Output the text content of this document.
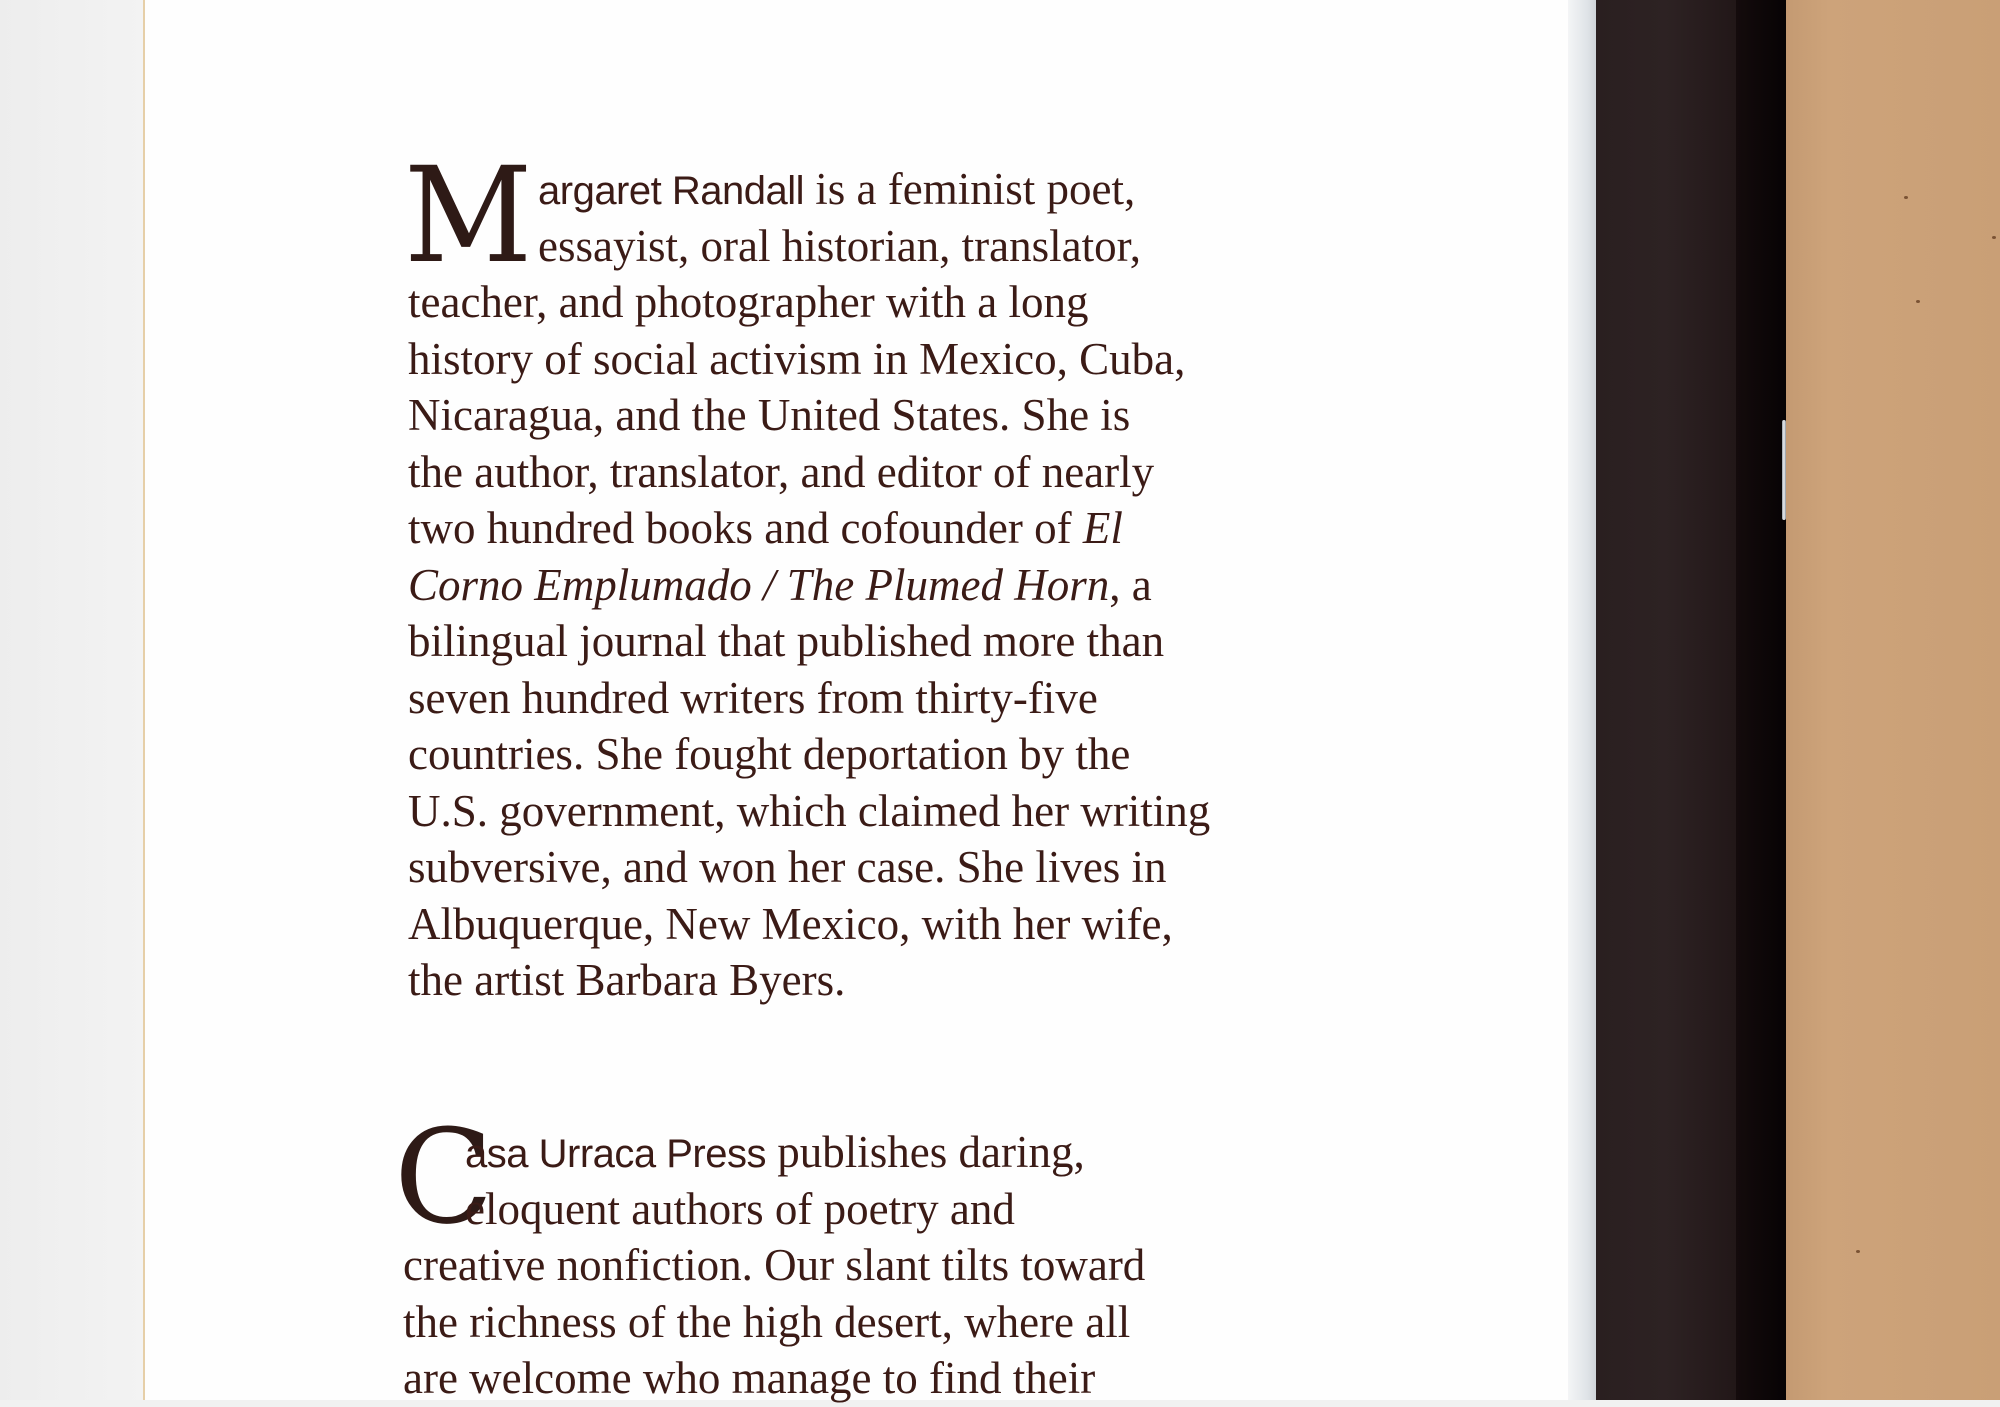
M argaret Randall is a feminist poet,
essayist, oral historian, translator,
teacher, and photographer with a long
history of social activism in Mexico, Cuba,
Nicaragua, and the United States. She is
the author, translator, and editor of nearly
two hundred books and cofounder of El
Corno Emplumado / The Plumed Horn, a
bilingual journal that published more than
seven hundred writers from thirty-five
countries. She fought deportation by the
U.S. government, which claimed her writing
subversive, and won her case. She lives in
Albuquerque, New Mexico, with her wife,
the artist Barbara Byers.
C
asa Urraca Press publishes daring,
eloquent authors of poetry and
creative nonfiction. Our slant tilts toward
the richness of the high desert, where all
are welcome who manage to find their
